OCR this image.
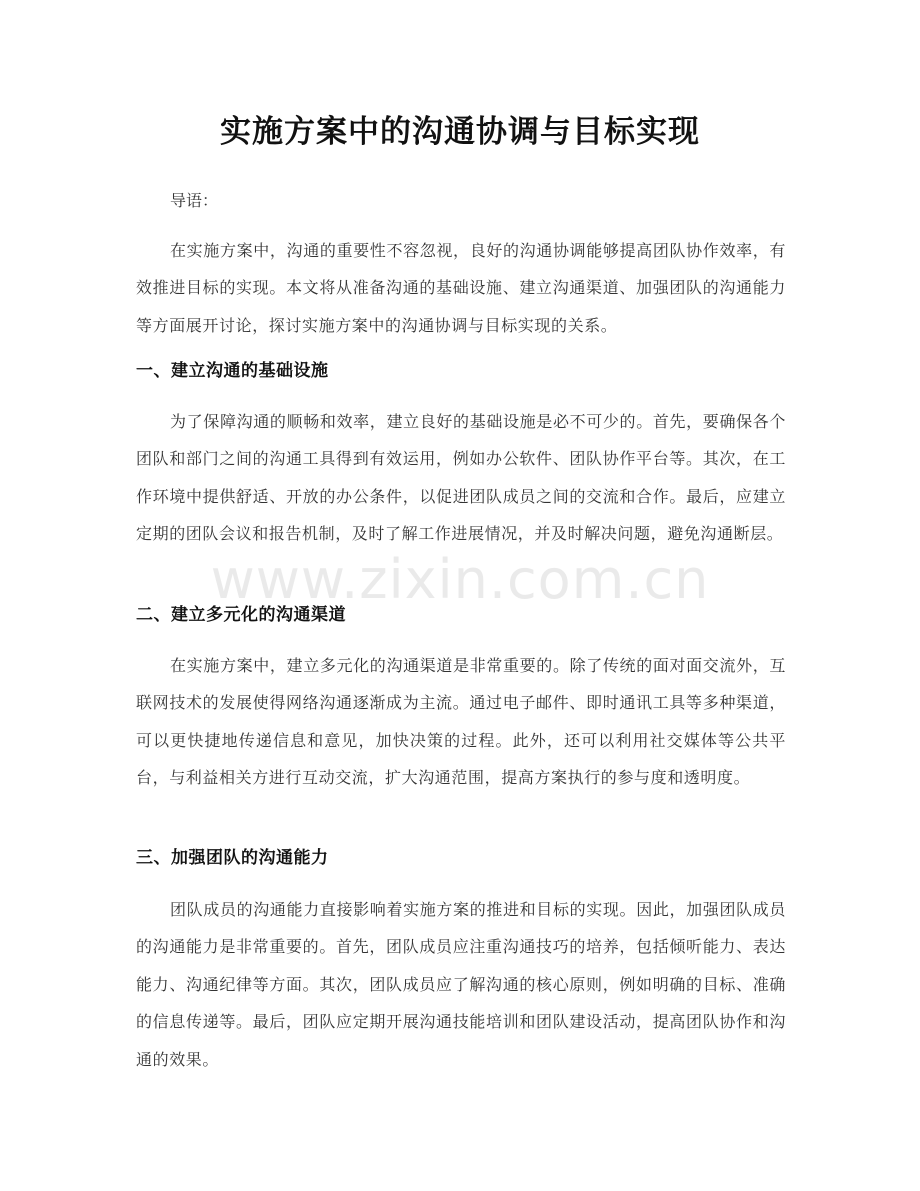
实施方案中的沟通协调与目标实现
导语：
在实施方案中，沟通的重要性不容忽视，良好的沟通协调能够提高团队协作效率，有效推进目标的实现。本文将从准备沟通的基础设施、建立沟通渠道、加强团队的沟通能力等方面展开讨论，探讨实施方案中的沟通协调与目标实现的关系。
一、建立沟通的基础设施
为了保障沟通的顺畅和效率，建立良好的基础设施是必不可少的。首先，要确保各个团队和部门之间的沟通工具得到有效运用，例如办公软件、团队协作平台等。其次，在工作环境中提供舒适、开放的办公条件，以促进团队成员之间的交流和合作。最后，应建立定期的团队会议和报告机制，及时了解工作进展情况，并及时解决问题，避免沟通断层。
二、建立多元化的沟通渠道
在实施方案中，建立多元化的沟通渠道是非常重要的。除了传统的面对面交流外，互联网技术的发展使得网络沟通逐渐成为主流。通过电子邮件、即时通讯工具等多种渠道，可以更快捷地传递信息和意见，加快决策的过程。此外，还可以利用社交媒体等公共平台，与利益相关方进行互动交流，扩大沟通范围，提高方案执行的参与度和透明度。
三、加强团队的沟通能力
团队成员的沟通能力直接影响着实施方案的推进和目标的实现。因此，加强团队成员的沟通能力是非常重要的。首先，团队成员应注重沟通技巧的培养，包括倾听能力、表达能力、沟通纪律等方面。其次，团队成员应了解沟通的核心原则，例如明确的目标、准确的信息传递等。最后，团队应定期开展沟通技能培训和团队建设活动，提高团队协作和沟通的效果。
www.zixin.com.cn
